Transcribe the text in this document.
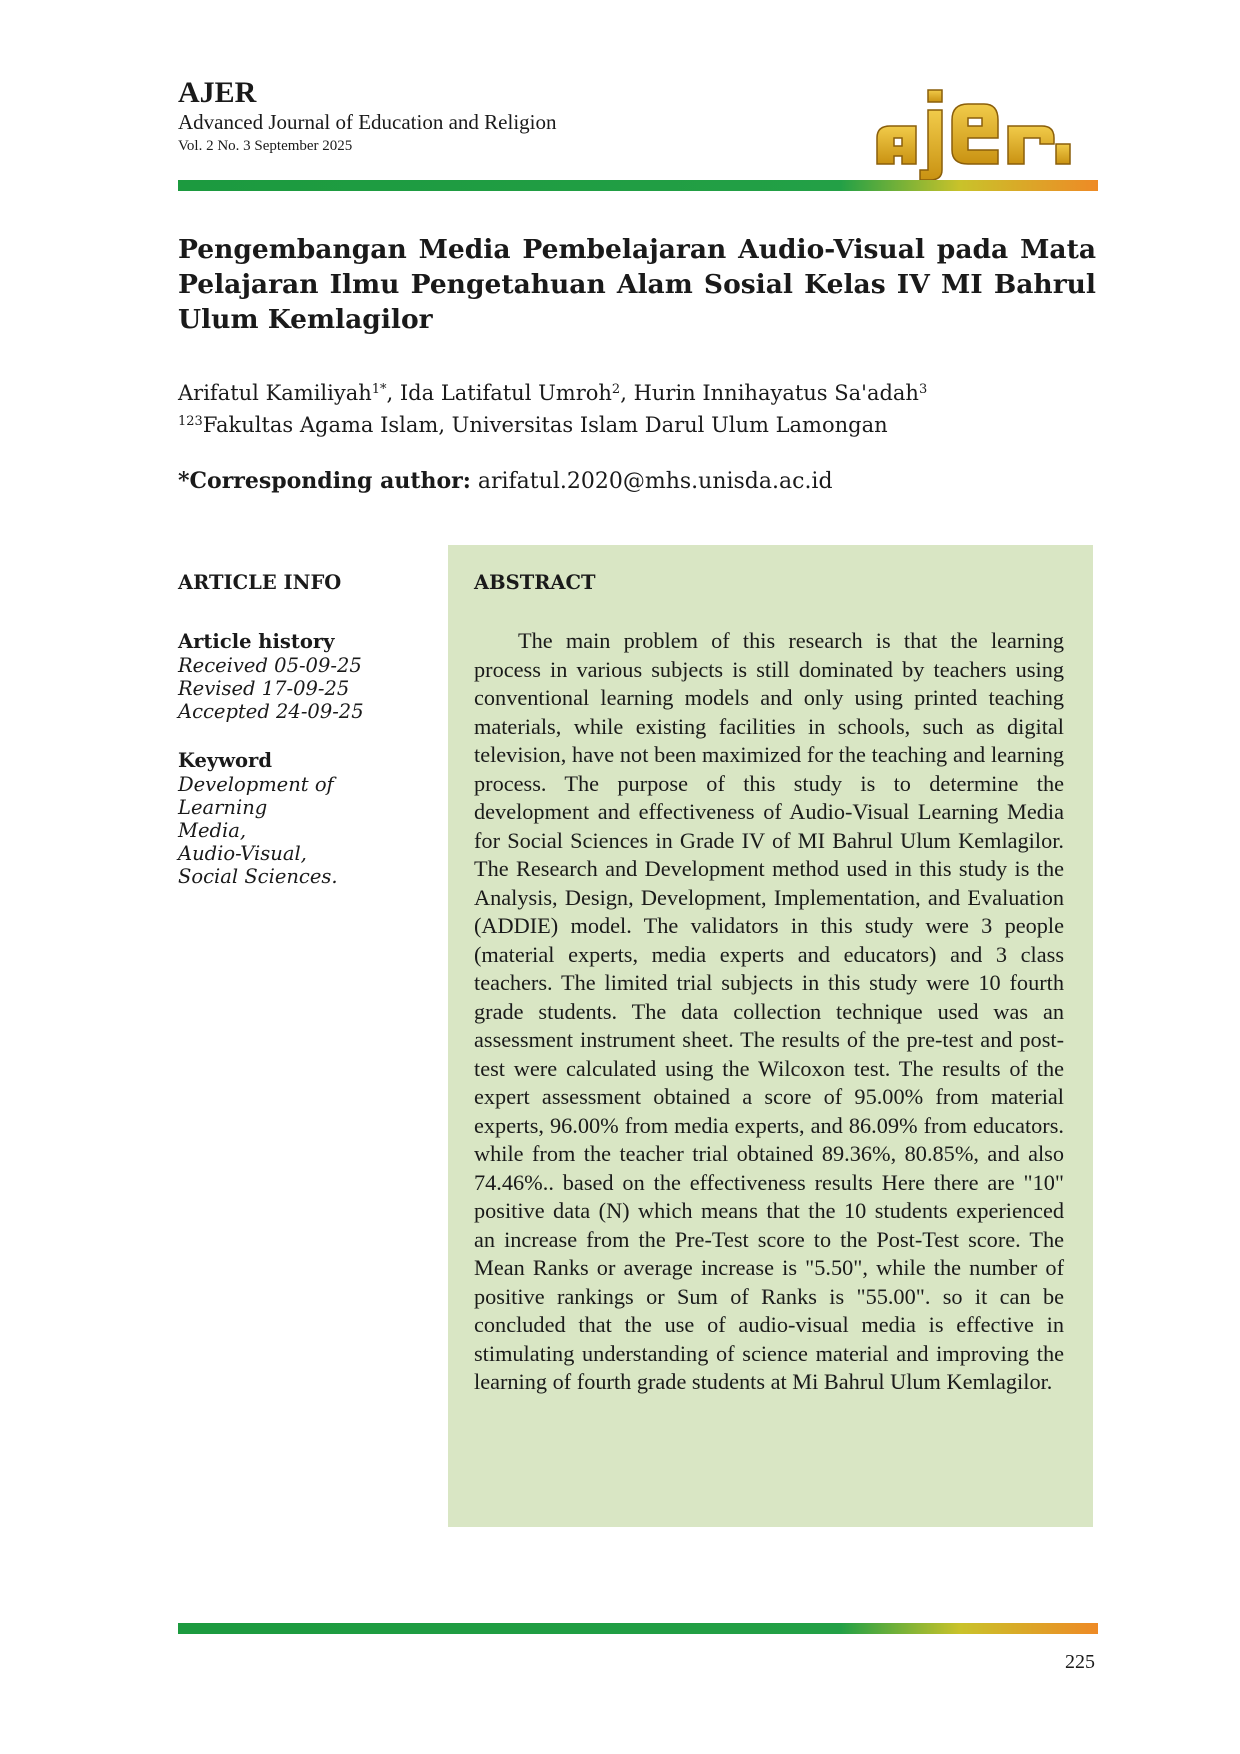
AJER
Advanced Journal of Education and Religion
Vol. 2 No. 3 September 2025
Pengembangan Media Pembelajaran Audio-Visual pada Mata Pelajaran Ilmu Pengetahuan Alam Sosial Kelas IV MI Bahrul Ulum Kemlagilor
Arifatul Kamiliyah$^{1*}$, Ida Latifatul Umroh$^2$, Hurin Innihayatus Sa'adah$^3$
$^{123}$Fakultas Agama Islam, Universitas Islam Darul Ulum Lamongan
*Corresponding author: arifatul.2020@mhs.unisda.ac.id
ARTICLE INFO
Article history
Received 05-09-25
Revised 17-09-25
Accepted 24-09-25
Keyword
Development of Learning
Media,
Audio-Visual,
Social Sciences.
ABSTRACT

The main problem of this research is that the learning process in various subjects is still dominated by teachers using conventional learning models and only using printed teaching materials, while existing facilities in schools, such as digital television, have not been maximized for the teaching and learning process. The purpose of this study is to determine the development and effectiveness of Audio-Visual Learning Media for Social Sciences in Grade IV of MI Bahrul Ulum Kemlagilor. The Research and Development method used in this study is the Analysis, Design, Development, Implementation, and Evaluation (ADDIE) model. The validators in this study were 3 people (material experts, media experts and educators) and 3 class teachers. The limited trial subjects in this study were 10 fourth grade students. The data collection technique used was an assessment instrument sheet. The results of the pre-test and post-test were calculated using the Wilcoxon test. The results of the expert assessment obtained a score of 95.00% from material experts, 96.00% from media experts, and 86.09% from educators. while from the teacher trial obtained 89.36%, 80.85%, and also 74.46%.. based on the effectiveness results Here there are "10" positive data (N) which means that the 10 students experienced an increase from the Pre-Test score to the Post-Test score. The Mean Ranks or average increase is "5.50", while the number of positive rankings or Sum of Ranks is "55.00". so it can be concluded that the use of audio-visual media is effective in stimulating understanding of science material and improving the learning of fourth grade students at Mi Bahrul Ulum Kemlagilor.

225
